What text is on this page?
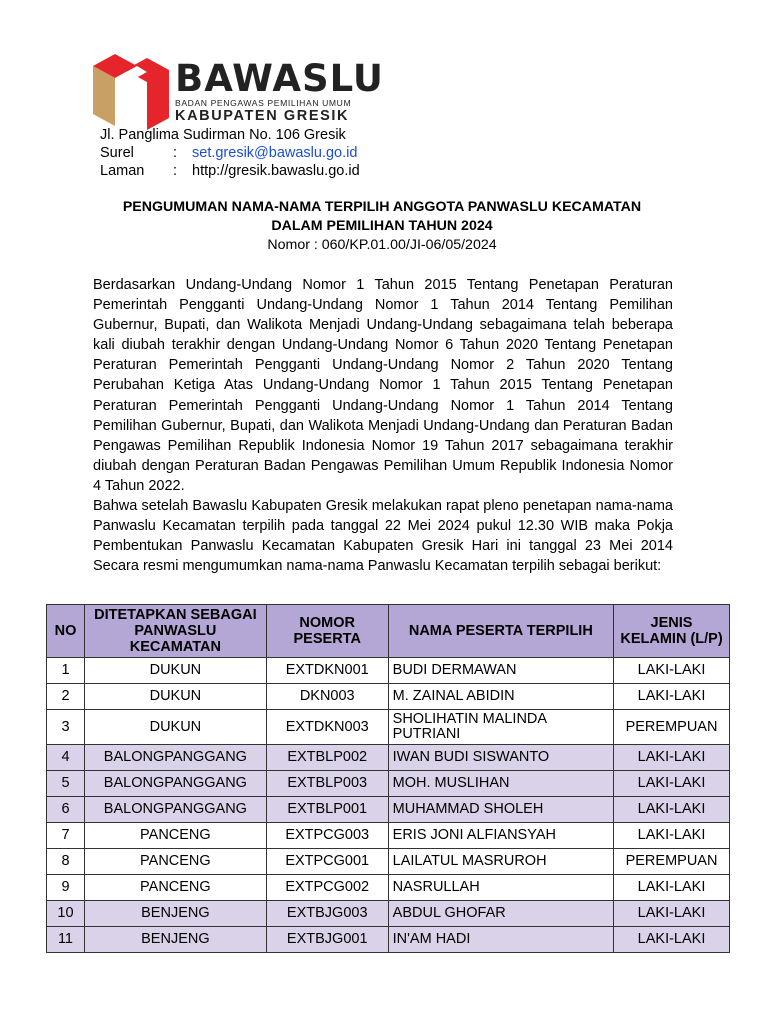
BAWASLU
BADAN PENGAWAS PEMILIHAN UMUM
KABUPATEN GRESIK
Jl. Panglima Sudirman No. 106 Gresik
Surel	:	set.gresik@bawaslu.go.id
Laman	:	http://gresik.bawaslu.go.id
PENGUMUMAN NAMA-NAMA TERPILIH ANGGOTA PANWASLU KECAMATAN
DALAM PEMILIHAN TAHUN 2024
Nomor : 060/KP.01.00/JI-06/05/2024

Berdasarkan Undang-Undang Nomor 1 Tahun 2015 Tentang Penetapan Peraturan Pemerintah Pengganti Undang-Undang Nomor 1 Tahun 2014 Tentang Pemilihan Gubernur, Bupati, dan Walikota Menjadi Undang-Undang sebagaimana telah beberapa kali diubah terakhir dengan Undang-Undang Nomor 6 Tahun 2020 Tentang Penetapan Peraturan Pemerintah Pengganti Undang-Undang Nomor 2 Tahun 2020 Tentang Perubahan Ketiga Atas Undang-Undang Nomor 1 Tahun 2015 Tentang Penetapan Peraturan Pemerintah Pengganti Undang-Undang Nomor 1 Tahun 2014 Tentang Pemilihan Gubernur, Bupati, dan Walikota Menjadi Undang-Undang dan Peraturan Badan Pengawas Pemilihan Republik Indonesia Nomor 19 Tahun 2017 sebagaimana terakhir diubah dengan Peraturan Badan Pengawas Pemilihan Umum Republik Indonesia Nomor 4 Tahun 2022.

Bahwa setelah Bawaslu Kabupaten Gresik melakukan rapat pleno penetapan nama-nama Panwaslu Kecamatan terpilih pada tanggal 22 Mei 2024 pukul 12.30 WIB maka Pokja Pembentukan Panwaslu Kecamatan Kabupaten Gresik Hari ini tanggal 23 Mei 2014 Secara resmi mengumumkan nama-nama Panwaslu Kecamatan terpilih sebagai berikut:

NO	DITETAPKAN SEBAGAI PANWASLU KECAMATAN	NOMOR PESERTA	NAMA PESERTA TERPILIH	JENIS KELAMIN (L/P)
1	DUKUN	EXTDKN001	BUDI DERMAWAN	LAKI-LAKI
2	DUKUN	DKN003	M. ZAINAL ABIDIN	LAKI-LAKI
3	DUKUN	EXTDKN003	SHOLIHATIN MALINDA PUTRIANI	PEREMPUAN
4	BALONGPANGGANG	EXTBLP002	IWAN BUDI SISWANTO	LAKI-LAKI
5	BALONGPANGGANG	EXTBLP003	MOH. MUSLIHAN	LAKI-LAKI
6	BALONGPANGGANG	EXTBLP001	MUHAMMAD SHOLEH	LAKI-LAKI
7	PANCENG	EXTPCG003	ERIS JONI ALFIANSYAH	LAKI-LAKI
8	PANCENG	EXTPCG001	LAILATUL MASRUROH	PEREMPUAN
9	PANCENG	EXTPCG002	NASRULLAH	LAKI-LAKI
10	BENJENG	EXTBJG003	ABDUL GHOFAR	LAKI-LAKI
11	BENJENG	EXTBJG001	IN'AM HADI	LAKI-LAKI
